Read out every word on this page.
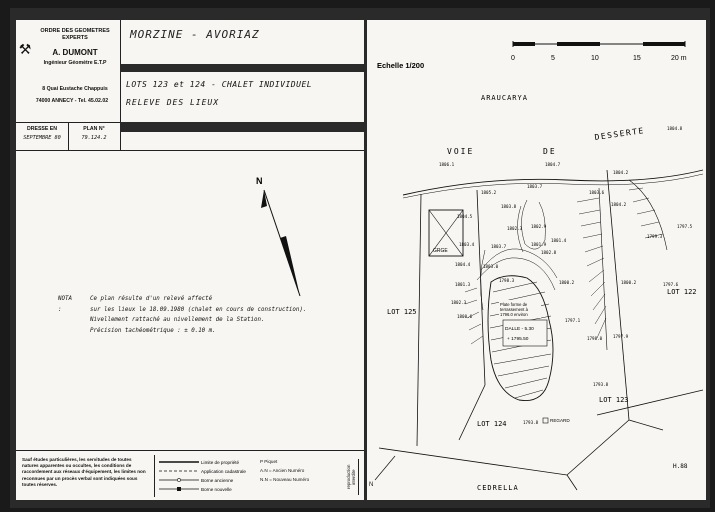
⚒
ORDRE DES GEOMETRES EXPERTS
A. DUMONT
Ingénieur Géomètre E.T.P
8 Quai Eustache Chappuis
74000 ANNECY - Tel. 45.02.02
MORZINE - AVORIAZ
LOTS 123 et 124 - CHALET INDIVIDUEL
RELEVE DES LIEUX
DRESSE EN
SEPTEMBRE 80
PLAN N°
79.124.2
N
NOTA :
Ce plan résulte d'un relevé affecté
sur les lieux le 18.09.1980 (chalet en cours de construction).
Nivellement rattaché au nivellement de la Station.
Précision tachéométrique : ± 0.10 m.
Sauf études particulières, les servitudes de toutes natures apparentes ou occultes, les conditions de raccordement aux réseaux d'équipement, les limites non reconnues par un procès verbal sont indiquées sous toutes réserves.
Limite de propriété
Application cadastrale
Borne ancienne
Borne nouvelle
P Piquet
A.N = Ancien Numéro
N.N = Nouveau Numéro	reproduction interdite
0	5	10	15	20 m
Echelle 1/200
GRGE
DALLE - 5.30
+ 1795.50
Plate forme de
terrassement à
1796.0 environ
REGARD
N
ARAUCARYA
VOIE	DE
DESSERTE
LOT 125
LOT 122
LOT 124
LOT 123
CEDRELLA
H.88
1806.1	1804.7
1804.8
1805.2
1803.7
1803.6
1804.2
1804.5
1803.8
1802.3 1802.9
1803.4	1803.7	1801.9
1801.4
1802.8
1804.4	1803.0
1801.3	1800.2
1799.3
1798.3	1800.2	1797.6
1798.0
1804.2
1797.5
1797.9
1802.3
1800.6
1793.8
1797.1
1793.8
